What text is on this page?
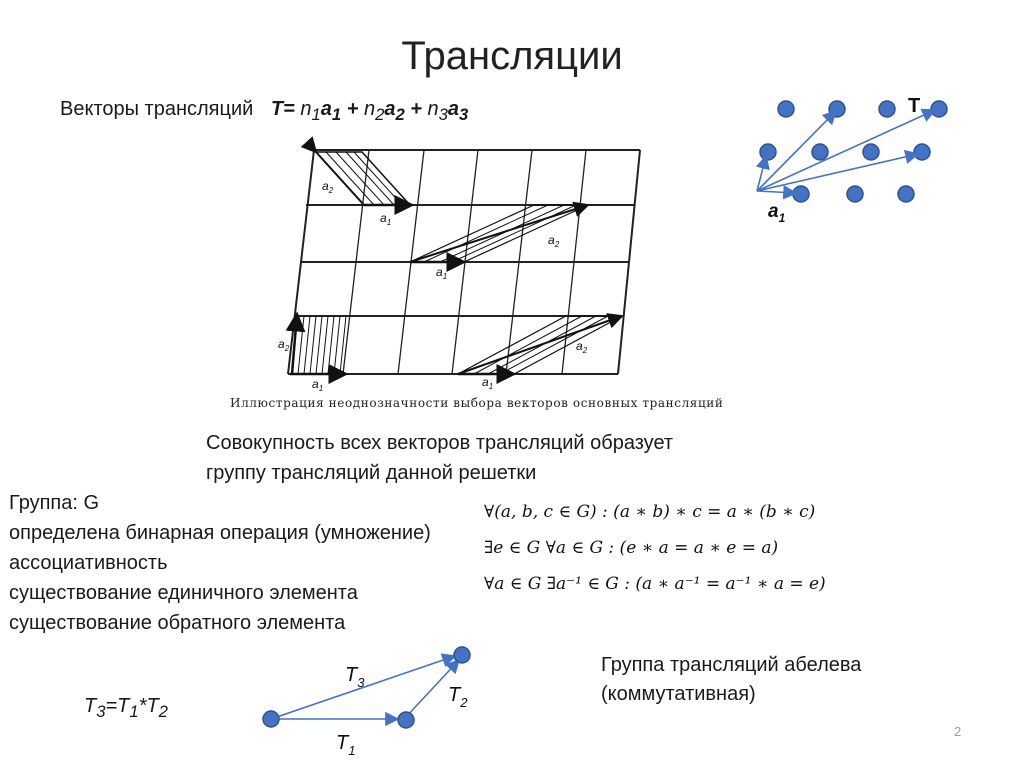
Трансляции
Векторы трансляций $T= n_1a_1 + n_2a_2 + n_3a_3$
$a_2$
$a_1$
$a_2$
$a_1$
$a_2$
$a_1$
$a_2$
$a_1$
T
$a_1$
$T_3$
$T_2$
$T_1$
Иллюстрация неоднозначности выбора векторов основных трансляций
Совокупность всех векторов трансляций образует
группу трансляций данной решетки
Группа: G
определена бинарная операция (умножение)
ассоциативность
существование единичного элемента
существование обратного элемента
∀(a, b, c ∈ G) : (a ∗ b) ∗ c = a ∗ (b ∗ c)
∃e ∈ G ∀a ∈ G : (e ∗ a = a ∗ e = a)
∀a ∈ G ∃a⁻¹ ∈ G : (a ∗ a⁻¹ = a⁻¹ ∗ a = e)
$T_3=T_1*T_2$
Группа трансляций абелева
(коммутативная)
2
